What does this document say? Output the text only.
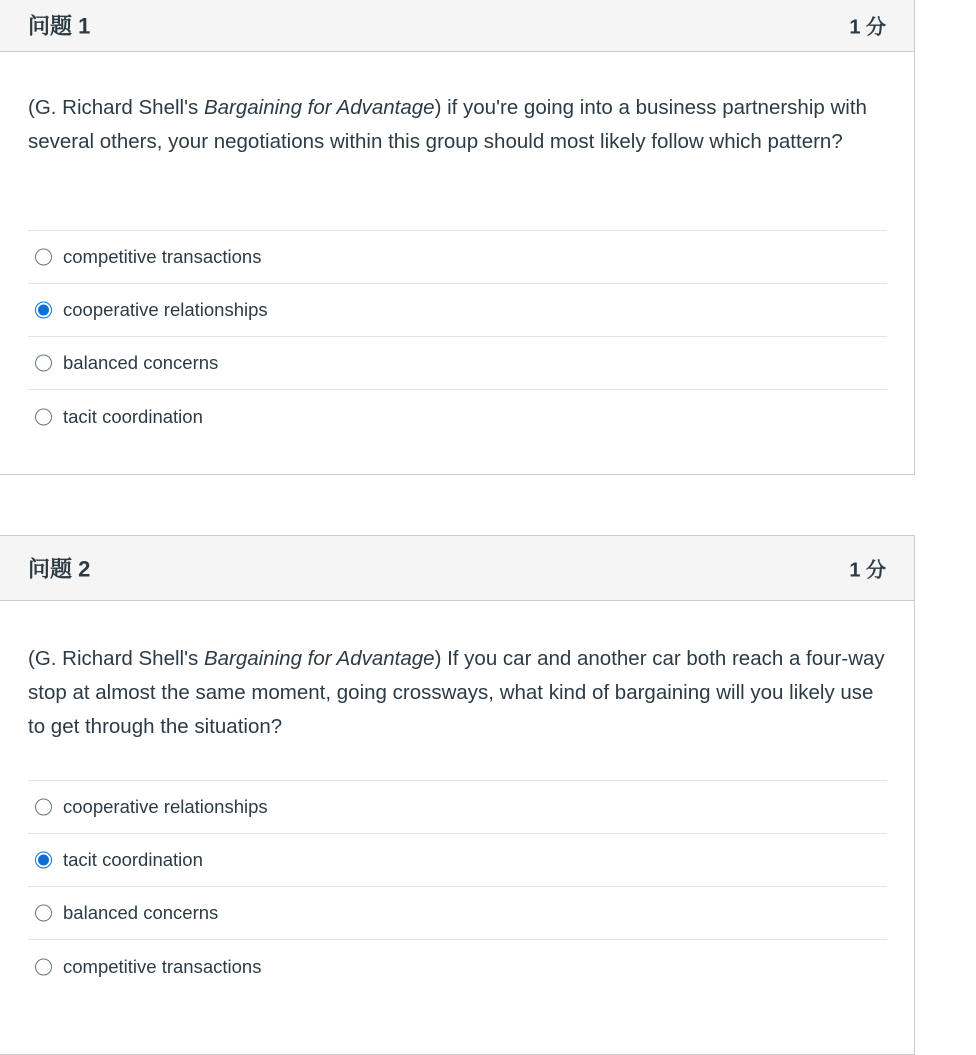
问题 1	1 分
(G. Richard Shell's Bargaining for Advantage) if you're going into a business partnership with several others, your negotiations within this group should most likely follow which pattern?
competitive transactions
cooperative relationships
balanced concerns
tacit coordination
问题 2	1 分
(G. Richard Shell's Bargaining for Advantage) If you car and another car both reach a four-way stop at almost the same moment, going crossways, what kind of bargaining will you likely use to get through the situation?
cooperative relationships
tacit coordination
balanced concerns
competitive transactions
